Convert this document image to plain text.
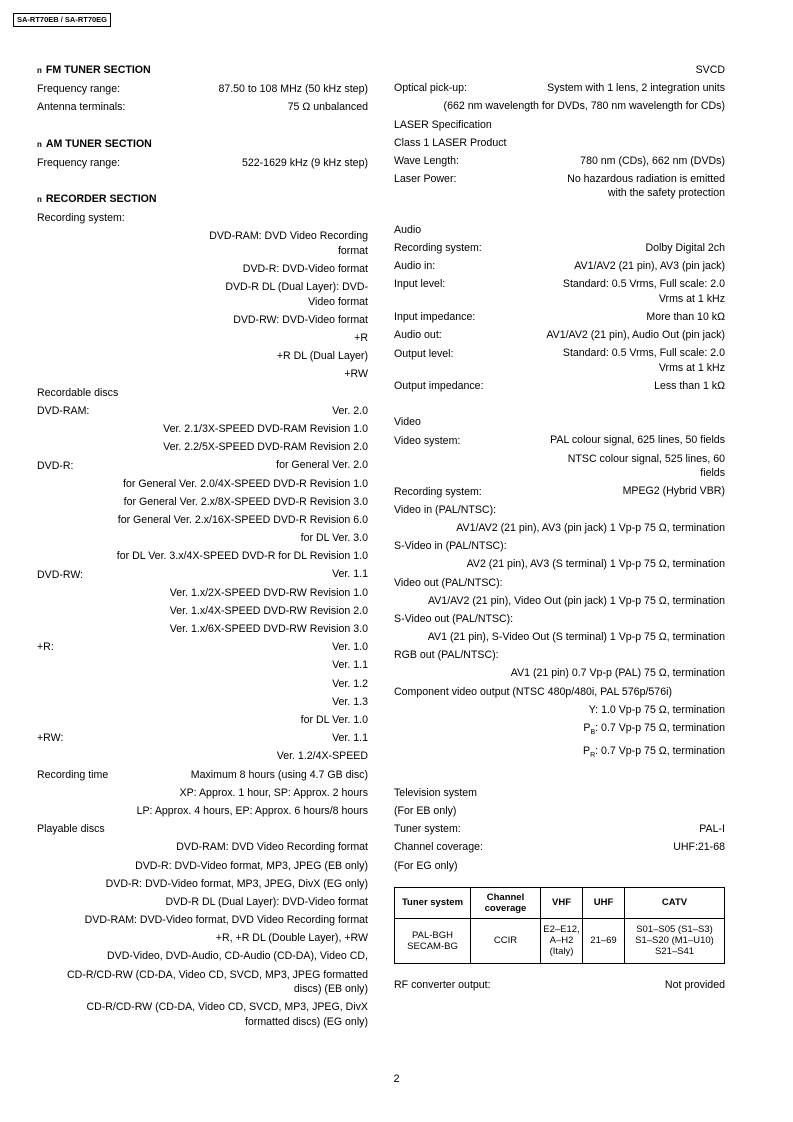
SA-RT70EB / SA-RT70EG
n FM TUNER SECTION
Frequency range:	87.50 to 108 MHz (50 kHz step)
Antenna terminals:	75 Ω unbalanced
n AM TUNER SECTION
Frequency range:	522-1629 kHz (9 kHz step)
n RECORDER SECTION
Recording system:
DVD-RAM: DVD Video Recording format
DVD-R: DVD-Video format
DVD-R DL (Dual Layer): DVD-Video format
DVD-RW: DVD-Video format
+R
+R DL (Dual Layer)
+RW
Recordable discs
DVD-RAM:	Ver. 2.0
Ver. 2.1/3X-SPEED DVD-RAM Revision 1.0
Ver. 2.2/5X-SPEED DVD-RAM Revision 2.0
DVD-R:	for General Ver. 2.0
for General Ver. 2.0/4X-SPEED DVD-R Revision 1.0
for General Ver. 2.x/8X-SPEED DVD-R Revision 3.0
for General Ver. 2.x/16X-SPEED DVD-R Revision 6.0
for DL Ver. 3.0
for DL Ver. 3.x/4X-SPEED DVD-R for DL Revision 1.0
DVD-RW:	Ver. 1.1
Ver. 1.x/2X-SPEED DVD-RW Revision 1.0
Ver. 1.x/4X-SPEED DVD-RW Revision 2.0
Ver. 1.x/6X-SPEED DVD-RW Revision 3.0
+R:	Ver. 1.0
Ver. 1.1
Ver. 1.2
Ver. 1.3
for DL Ver. 1.0
+RW:	Ver. 1.1
Ver. 1.2/4X-SPEED
Recording time	Maximum 8 hours (using 4.7 GB disc)
XP: Approx. 1 hour, SP: Approx. 2 hours
LP: Approx. 4 hours, EP: Approx. 6 hours/8 hours
Playable discs
DVD-RAM: DVD Video Recording format
DVD-R: DVD-Video format, MP3, JPEG (EB only)
DVD-R: DVD-Video format, MP3, JPEG, DivX (EG only)
DVD-R DL (Dual Layer): DVD-Video format
DVD-RAM: DVD-Video format, DVD Video Recording format
+R, +R DL (Double Layer), +RW
DVD-Video, DVD-Audio, CD-Audio (CD-DA), Video CD,
CD-R/CD-RW (CD-DA, Video CD, SVCD, MP3, JPEG formatted discs) (EB only)
CD-R/CD-RW (CD-DA, Video CD, SVCD, MP3, JPEG, DivX formatted discs) (EG only)
SVCD
Optical pick-up:	System with 1 lens, 2 integration units
(662 nm wavelength for DVDs, 780 nm wavelength for CDs)
LASER Specification
Class 1 LASER Product
Wave Length:	780 nm (CDs), 662 nm (DVDs)
Laser Power:	No hazardous radiation is emitted with the safety protection
Audio
Recording system:	Dolby Digital 2ch
Audio in:	AV1/AV2 (21 pin), AV3 (pin jack)
Input level:	Standard: 0.5 Vrms, Full scale: 2.0 Vrms at 1 kHz
Input impedance:	More than 10 kΩ
Audio out:	AV1/AV2 (21 pin), Audio Out (pin jack)
Output level:	Standard: 0.5 Vrms, Full scale: 2.0 Vrms at 1 kHz
Output impedance:	Less than 1 kΩ
Video
Video system:	PAL colour signal, 625 lines, 50 fields
NTSC colour signal, 525 lines, 60 fields
Recording system:	MPEG2 (Hybrid VBR)
Video in (PAL/NTSC):
AV1/AV2 (21 pin), AV3 (pin jack) 1 Vp-p 75 Ω, termination
S-Video in (PAL/NTSC):
AV2 (21 pin), AV3 (S terminal) 1 Vp-p 75 Ω, termination
Video out (PAL/NTSC):
AV1/AV2 (21 pin), Video Out (pin jack) 1 Vp-p 75 Ω, termination
S-Video out (PAL/NTSC):
AV1 (21 pin), S-Video Out (S terminal) 1 Vp-p 75 Ω, termination
RGB out (PAL/NTSC):
AV1 (21 pin) 0.7 Vp-p (PAL) 75 Ω, termination
Component video output (NTSC 480p/480i, PAL 576p/576i)
Y: 1.0 Vp-p 75 Ω, termination
$P_B$: 0.7 Vp-p 75 Ω, termination
$P_R$: 0.7 Vp-p 75 Ω, termination
Television system
(For EB only)
Tuner system:	PAL-I
Channel coverage:	UHF:21-68
(For EG only)
Tuner system	Channel coverage	VHF	UHF	CATV
PAL-BGH SECAM-BG	CCIR	E2–E12, A–H2 (Italy)	21–69	S01–S05 (S1–S3) S1–S20 (M1–U10) S21–S41
RF converter output:	Not provided
2
